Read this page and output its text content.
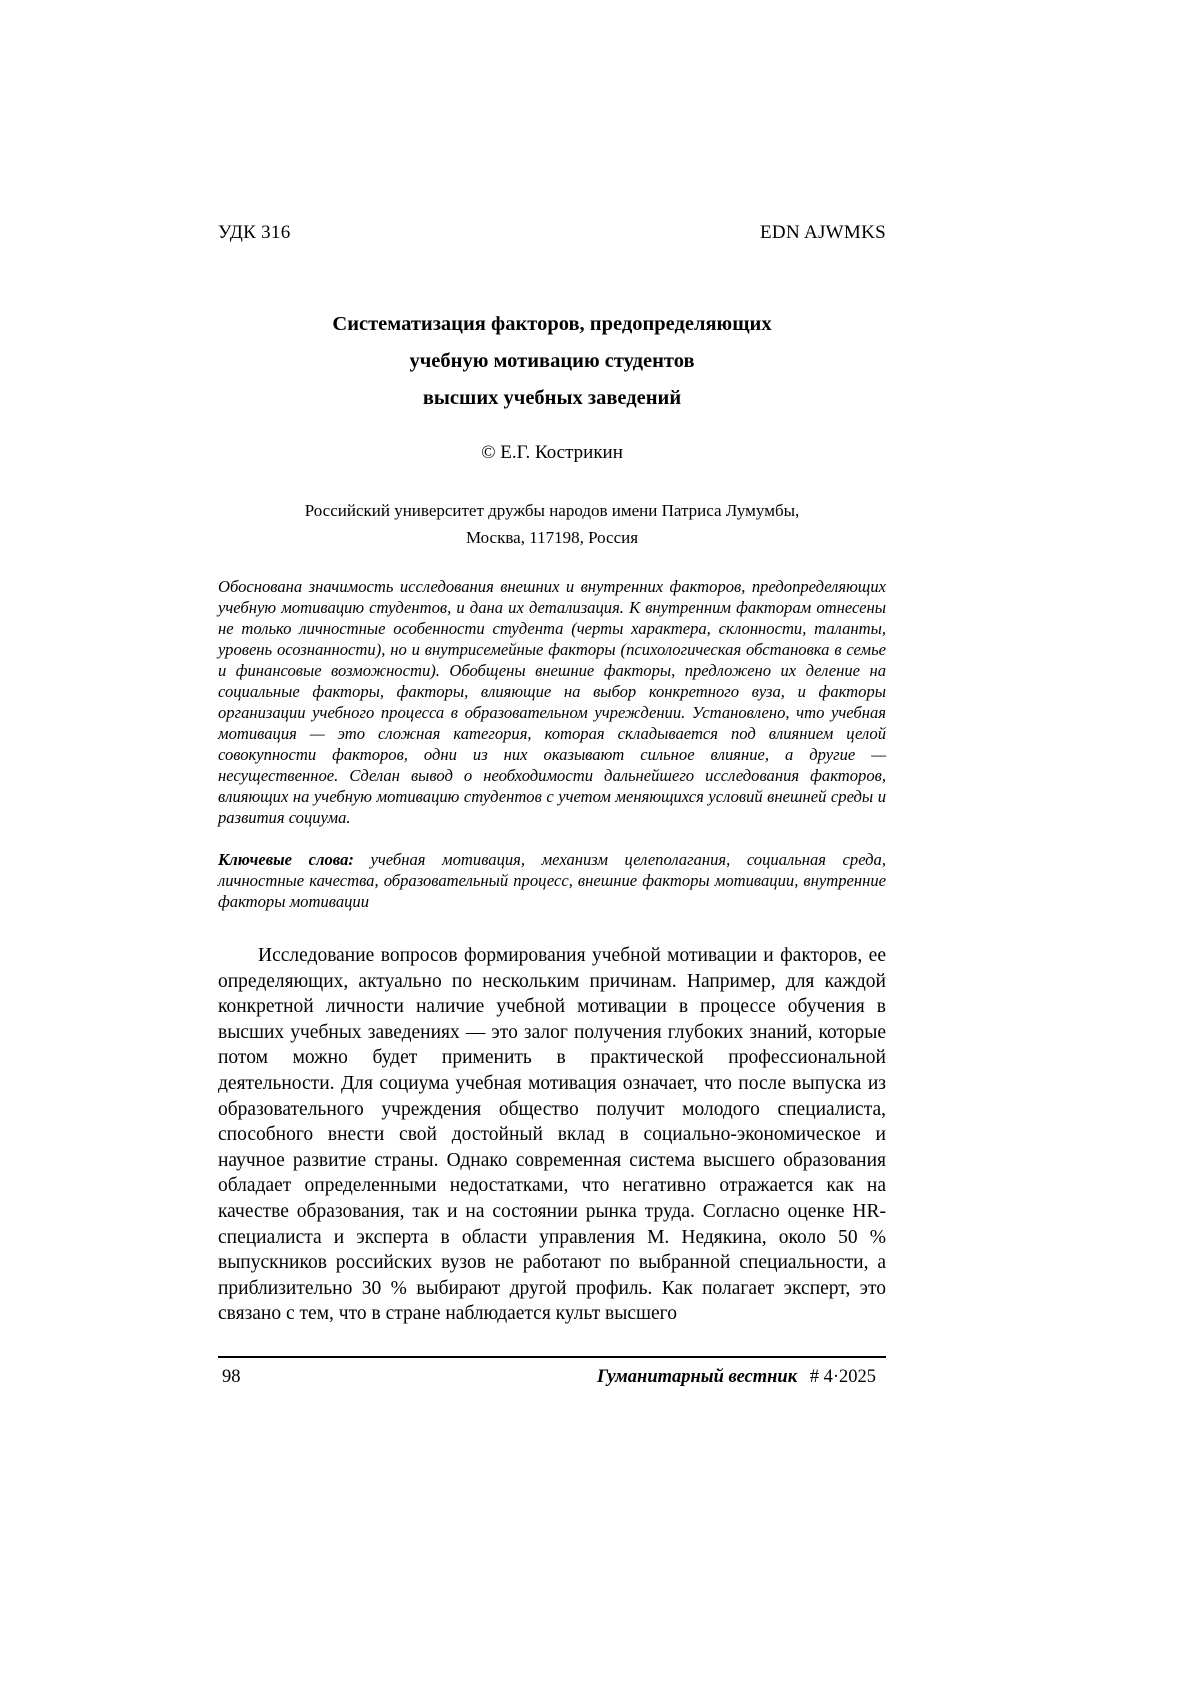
УДК 316	EDN AJWMKS
Систематизация факторов, предопределяющих
учебную мотивацию студентов
высших учебных заведений
© Е.Г. Кострикин
Российский университет дружбы народов имени Патриса Лумумбы,
Москва, 117198, Россия
Обоснована значимость исследования внешних и внутренних факторов, предопределяющих учебную мотивацию студентов, и дана их детализация. К внутренним факторам отнесены не только личностные особенности студента (черты характера, склонности, таланты, уровень осознанности), но и внутрисемейные факторы (психологическая обстановка в семье и финансовые возможности). Обобщены внешние факторы, предложено их деление на социальные факторы, факторы, влияющие на выбор конкретного вуза, и факторы организации учебного процесса в образовательном учреждении. Установлено, что учебная мотивация — это сложная категория, которая складывается под влиянием целой совокупности факторов, одни из них оказывают сильное влияние, а другие — несущественное. Сделан вывод о необходимости дальнейшего исследования факторов, влияющих на учебную мотивацию студентов с учетом меняющихся условий внешней среды и развития социума.
Ключевые слова: учебная мотивация, механизм целеполагания, социальная среда, личностные качества, образовательный процесс, внешние факторы мотивации, внутренние факторы мотивации

Исследование вопросов формирования учебной мотивации и факторов, ее определяющих, актуально по нескольким причинам. Например, для каждой конкретной личности наличие учебной мотивации в процессе обучения в высших учебных заведениях — это залог получения глубоких знаний, которые потом можно будет применить в практической профессиональной деятельности. Для социума учебная мотивация означает, что после выпуска из образовательного учреждения общество получит молодого специалиста, способного внести свой достойный вклад в социально-экономическое и научное развитие страны. Однако современная система высшего образования обладает определенными недостатками, что негативно отражается как на качестве образования, так и на состоянии рынка труда. Согласно оценке HR-специалиста и эксперта в области управления М. Недякина, около 50 % выпускников российских вузов не работают по выбранной специальности, а приблизительно 30 % выбирают другой профиль. Как полагает эксперт, это связано с тем, что в стране наблюдается культ высшего

98	Гуманитарный вестник # 4·2025
